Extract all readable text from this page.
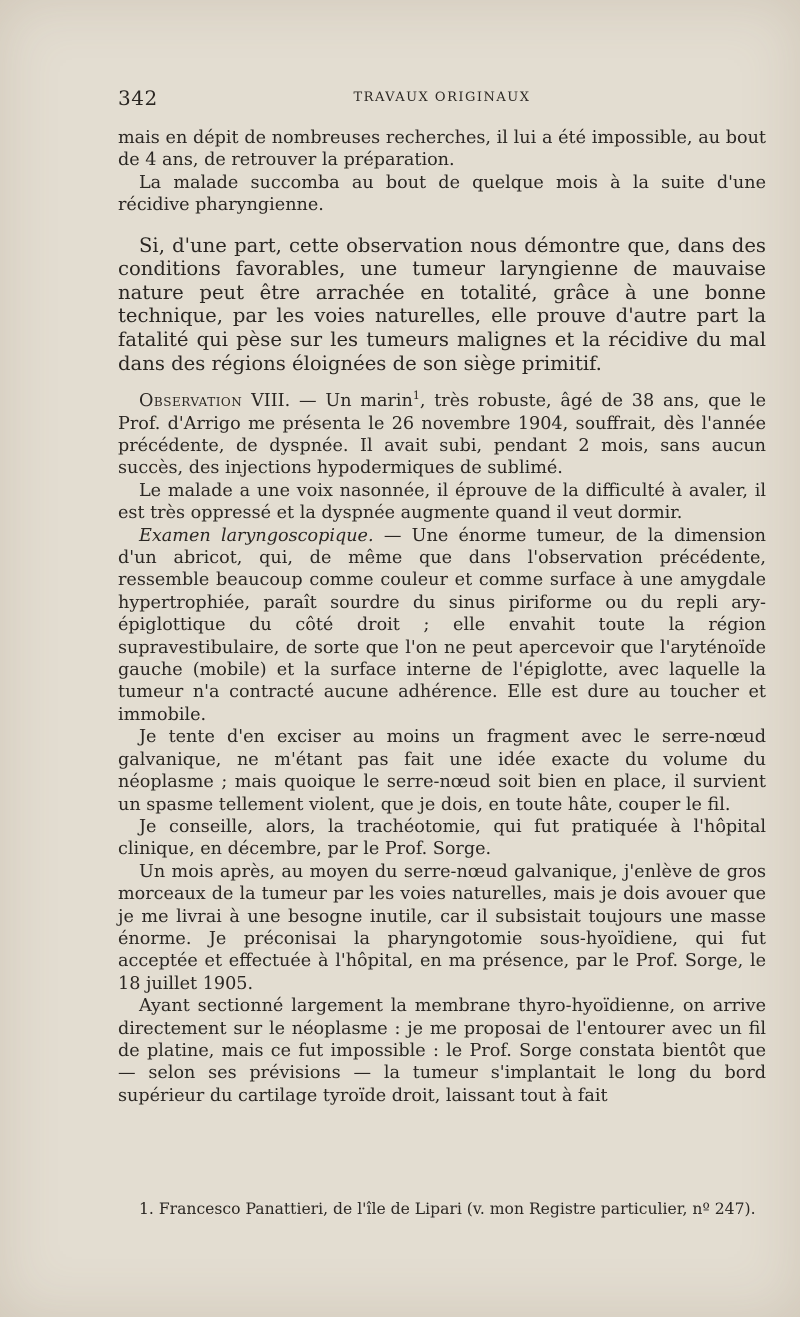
342	TRAVAUX ORIGINAUX

mais en dépit de nombreuses recherches, il lui a été impossible, au bout de 4 ans, de retrouver la préparation.

La malade succomba au bout de quelque mois à la suite d'une récidive pharyngienne.

Si, d'une part, cette observation nous démontre que, dans des conditions favorables, une tumeur laryngienne de mauvaise nature peut être arrachée en totalité, grâce à une bonne technique, par les voies naturelles, elle prouve d'autre part la fatalité qui pèse sur les tumeurs malignes et la récidive du mal dans des régions éloignées de son siège primitif.

Observation VIII. — Un marin$^1$, très robuste, âgé de 38 ans, que le Prof. d'Arrigo me présenta le 26 novembre 1904, souffrait, dès l'année précédente, de dyspnée. Il avait subi, pendant 2 mois, sans aucun succès, des injections hypodermiques de sublimé.

Le malade a une voix nasonnée, il éprouve de la difficulté à avaler, il est très oppressé et la dyspnée augmente quand il veut dormir.

Examen laryngoscopique. — Une énorme tumeur, de la dimension d'un abricot, qui, de même que dans l'observation précédente, ressemble beaucoup comme couleur et comme surface à une amygdale hypertrophiée, paraît sourdre du sinus piriforme ou du repli ary-épiglottique du côté droit ; elle envahit toute la région supravestibulaire, de sorte que l'on ne peut apercevoir que l'aryténoïde gauche (mobile) et la surface interne de l'épiglotte, avec laquelle la tumeur n'a contracté aucune adhérence. Elle est dure au toucher et immobile.

Je tente d'en exciser au moins un fragment avec le serre-nœud galvanique, ne m'étant pas fait une idée exacte du volume du néoplasme ; mais quoique le serre-nœud soit bien en place, il survient un spasme tellement violent, que je dois, en toute hâte, couper le fil.

Je conseille, alors, la trachéotomie, qui fut pratiquée à l'hôpital clinique, en décembre, par le Prof. Sorge.

Un mois après, au moyen du serre-nœud galvanique, j'enlève de gros morceaux de la tumeur par les voies naturelles, mais je dois avouer que je me livrai à une besogne inutile, car il subsistait toujours une masse énorme. Je préconisai la pharyngotomie sous-hyoïdiene, qui fut acceptée et effectuée à l'hôpital, en ma présence, par le Prof. Sorge, le 18 juillet 1905.

Ayant sectionné largement la membrane thyro-hyoïdienne, on arrive directement sur le néoplasme : je me proposai de l'entourer avec un fil de platine, mais ce fut impossible : le Prof. Sorge constata bientôt que — selon ses prévisions — la tumeur s'implantait le long du bord supérieur du cartilage tyroïde droit, laissant tout à fait

1. Francesco Panattieri, de l'île de Lipari (v. mon Registre particulier, nº 247).
